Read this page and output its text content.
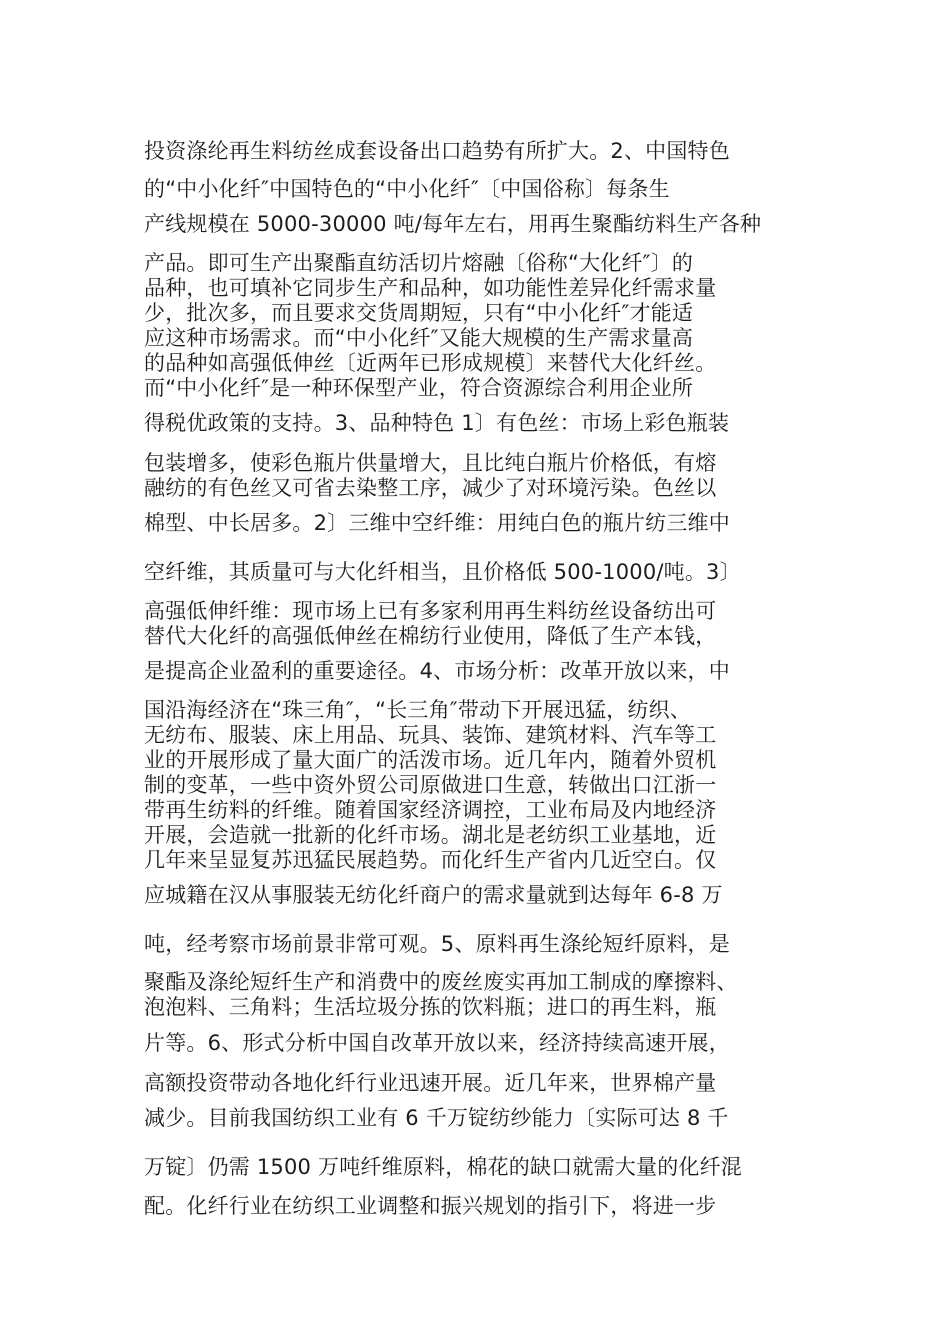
投资涤纶再生料纺丝成套设备出口趋势有所扩大。2、中国特色
的“中小化纤″中国特色的“中小化纤″〔中国俗称〕每条生
产线规模在 5000-30000 吨/每年左右，用再生聚酯纺料生产各种
产品。即可生产出聚酯直纺活切片熔融〔俗称“大化纤″〕的
品种，也可填补它同步生产和品种，如功能性差异化纤需求量
少，批次多，而且要求交货周期短，只有“中小化纤″才能适
应这种市场需求。而“中小化纤″又能大规模的生产需求量高
的品种如高强低伸丝〔近两年已形成规模〕来替代大化纤丝。
而“中小化纤″是一种环保型产业，符合资源综合利用企业所
得税优政策的支持。3、品种特色 1〕有色丝：市场上彩色瓶装
包装增多，使彩色瓶片供量增大，且比纯白瓶片价格低，有熔
融纺的有色丝又可省去染整工序，减少了对环境污染。色丝以
棉型、中长居多。2〕三维中空纤维：用纯白色的瓶片纺三维中
空纤维，其质量可与大化纤相当，且价格低 500-1000/吨。3〕
高强低伸纤维：现市场上已有多家利用再生料纺丝设备纺出可
替代大化纤的高强低伸丝在棉纺行业使用，降低了生产本钱，
是提高企业盈利的重要途径。4、市场分析：改革开放以来，中
国沿海经济在“珠三角″，“长三角″带动下开展迅猛，纺织、
无纺布、服装、床上用品、玩具、装饰、建筑材料、汽车等工
业的开展形成了量大面广的活泼市场。近几年内，随着外贸机
制的变革，一些中资外贸公司原做进口生意，转做出口江浙一
带再生纺料的纤维。随着国家经济调控，工业布局及内地经济
开展，会造就一批新的化纤市场。湖北是老纺织工业基地，近
几年来呈显复苏迅猛民展趋势。而化纤生产省内几近空白。仅
应城籍在汉从事服装无纺化纤商户的需求量就到达每年 6-8 万
吨，经考察市场前景非常可观。5、原料再生涤纶短纤原料，是
聚酯及涤纶短纤生产和消费中的废丝废实再加工制成的摩擦料、
泡泡料、三角料；生活垃圾分拣的饮料瓶；进口的再生料，瓶
片等。6、形式分析中国自改革开放以来，经济持续高速开展，
高额投资带动各地化纤行业迅速开展。近几年来，世界棉产量
减少。目前我国纺织工业有 6 千万锭纺纱能力〔实际可达 8 千
万锭〕仍需 1500 万吨纤维原料，棉花的缺口就需大量的化纤混
配。化纤行业在纺织工业调整和振兴规划的指引下，将进一步
